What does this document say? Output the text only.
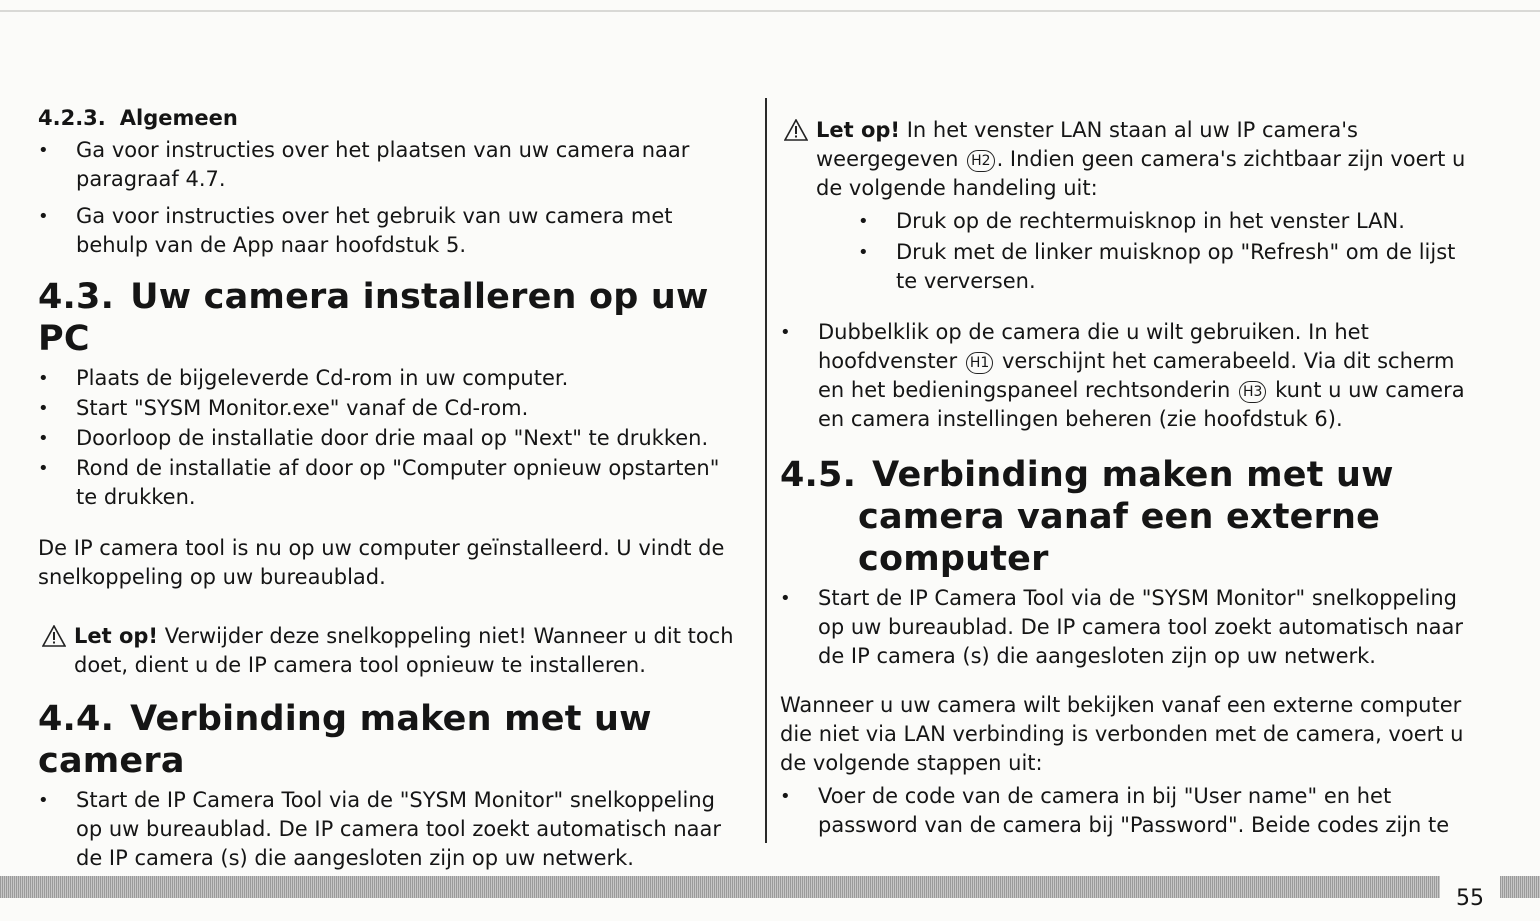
4.2.3. Algemeen
• Ga voor instructies over het plaatsen van uw camera naar paragraaf 4.7.
• Ga voor instructies over het gebruik van uw camera met behulp van de App naar hoofdstuk 5.
4.3. Uw camera installeren op uw PC
• Plaats de bijgeleverde Cd-rom in uw computer.
• Start "SYSM Monitor.exe" vanaf de Cd-rom.
• Doorloop de installatie door drie maal op "Next" te drukken.
• Rond de installatie af door op "Computer opnieuw opstarten" te drukken.
De IP camera tool is nu op uw computer geïnstalleerd. U vindt de snelkoppeling op uw bureaublad.
Let op! Verwijder deze snelkoppeling niet! Wanneer u dit toch doet, dient u de IP camera tool opnieuw te installeren.
4.4. Verbinding maken met uw camera
• Start de IP Camera Tool via de "SYSM Monitor" snelkoppeling op uw bureaublad. De IP camera tool zoekt automatisch naar de IP camera (s) die aangesloten zijn op uw netwerk.
Let op! In het venster LAN staan al uw IP camera's weergegeven H2 . Indien geen camera's zichtbaar zijn voert u de volgende handeling uit:
• Druk op de rechtermuisknop in het venster LAN.
• Druk met de linker muisknop op "Refresh" om de lijst te verversen.
• Dubbelklik op de camera die u wilt gebruiken. In het hoofdvenster H1 verschijnt het camerabeeld. Via dit scherm en het bedieningspaneel rechtsonderin H3 kunt u uw camera en camera instellingen beheren (zie hoofdstuk 6).
4.5. Verbinding maken met uw camera vanaf een externe computer
• Start de IP Camera Tool via de "SYSM Monitor" snelkoppeling op uw bureaublad. De IP camera tool zoekt automatisch naar de IP camera (s) die aangesloten zijn op uw netwerk.
Wanneer u uw camera wilt bekijken vanaf een externe computer die niet via LAN verbinding is verbonden met de camera, voert u de volgende stappen uit:
• Voer de code van de camera in bij "User name" en het password van de camera bij "Password". Beide codes zijn te
55
